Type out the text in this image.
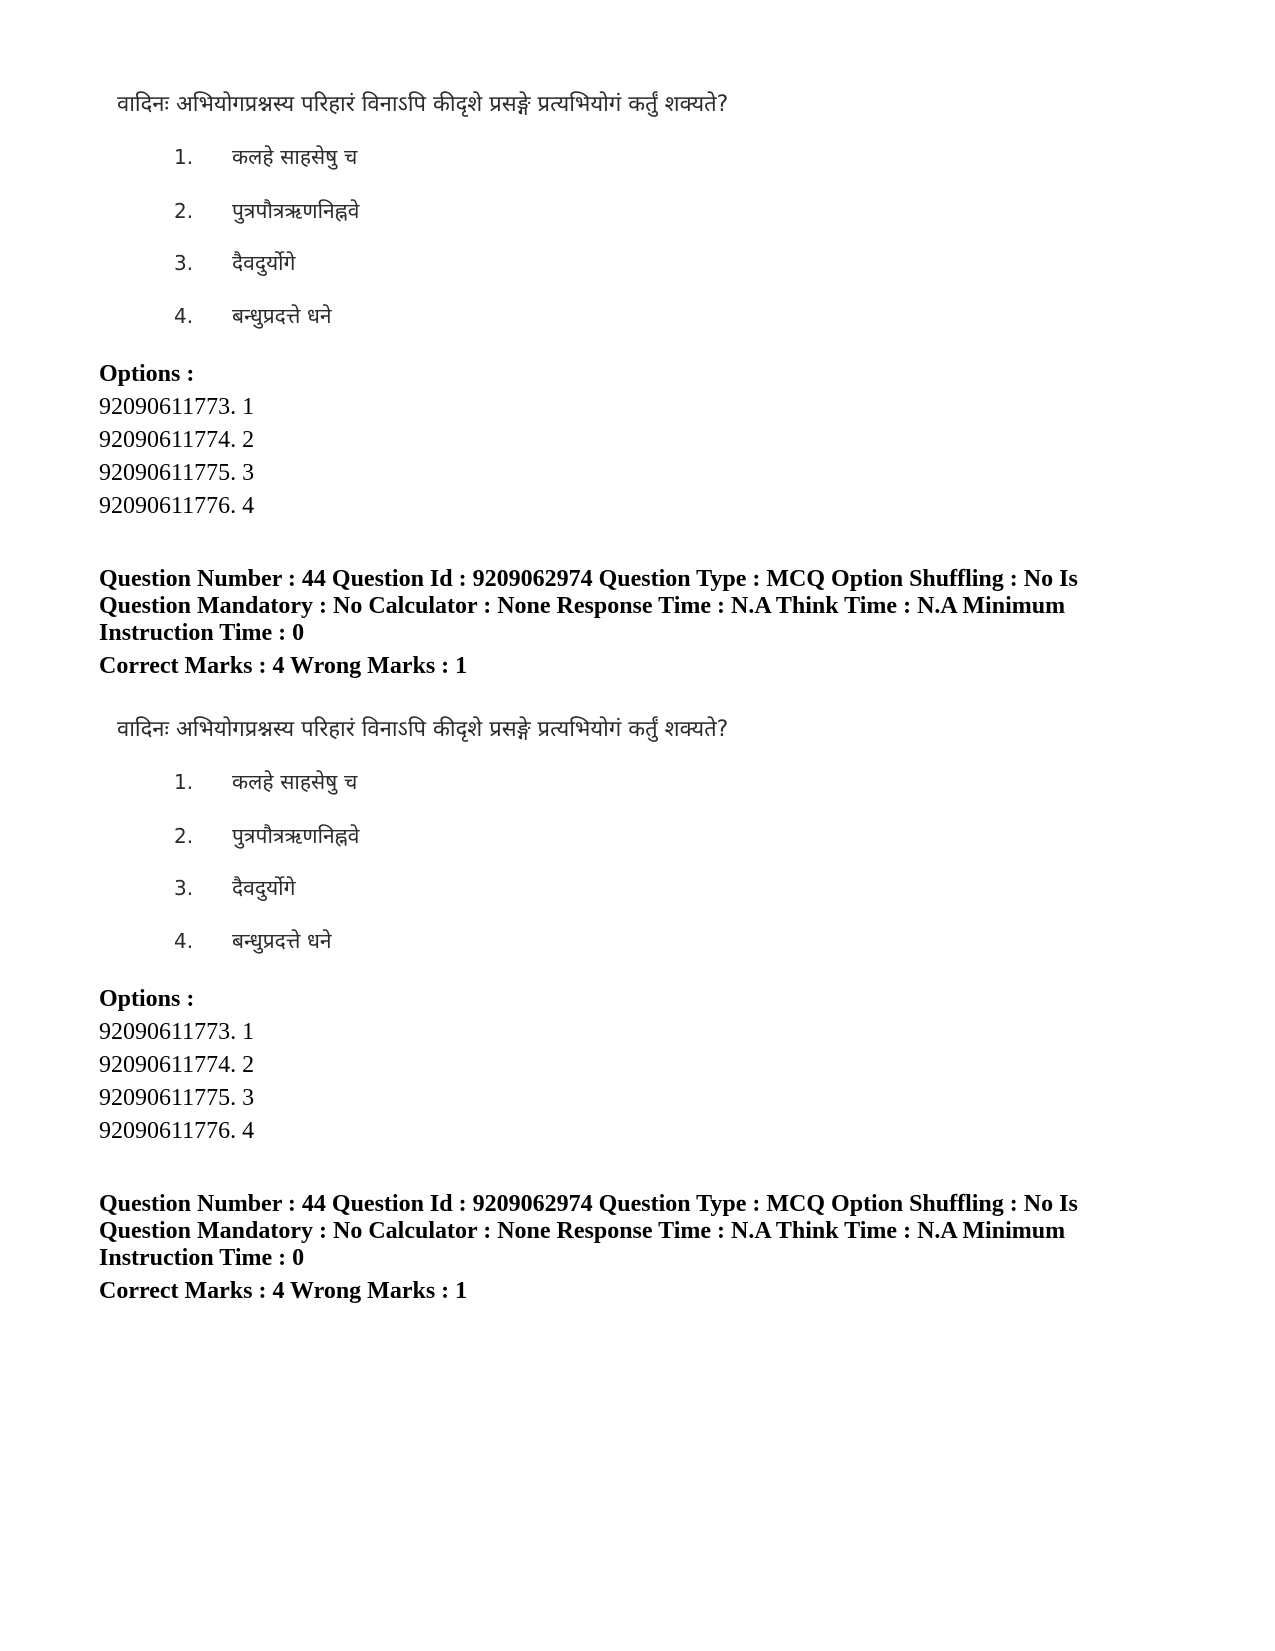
वादिनः अभियोगप्रश्नस्य परिहारं विनाऽपि कीदृशे प्रसङ्गे प्रत्यभियोगं कर्तुं शक्यते?
1. कलहे साहसेषु च
2. पुत्रपौत्रऋणनिह्नवे
3. दैवदुर्योगे
4. बन्धुप्रदत्ते धने
Options :
92090611773. 1
92090611774. 2
92090611775. 3
92090611776. 4
Question Number : 44 Question Id : 9209062974 Question Type : MCQ Option Shuffling : No Is
Question Mandatory : No Calculator : None Response Time : N.A Think Time : N.A Minimum
Instruction Time : 0
Correct Marks : 4 Wrong Marks : 1
वादिनः अभियोगप्रश्नस्य परिहारं विनाऽपि कीदृशे प्रसङ्गे प्रत्यभियोगं कर्तुं शक्यते?
1. कलहे साहसेषु च
2. पुत्रपौत्रऋणनिह्नवे
3. दैवदुर्योगे
4. बन्धुप्रदत्ते धने
Options :
92090611773. 1
92090611774. 2
92090611775. 3
92090611776. 4
Question Number : 44 Question Id : 9209062974 Question Type : MCQ Option Shuffling : No Is
Question Mandatory : No Calculator : None Response Time : N.A Think Time : N.A Minimum
Instruction Time : 0
Correct Marks : 4 Wrong Marks : 1
